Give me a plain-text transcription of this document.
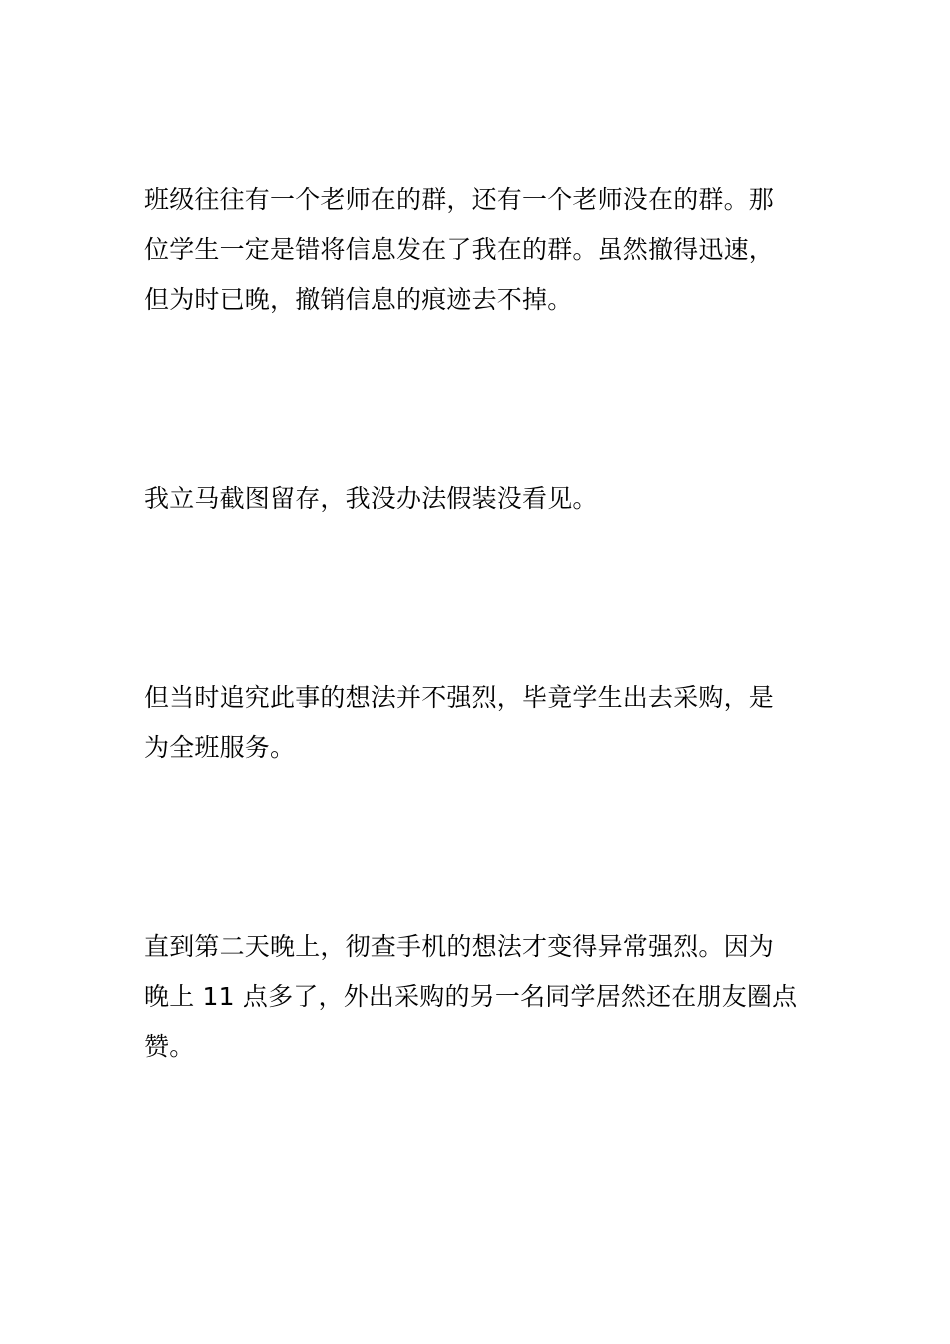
班级往往有一个老师在的群，还有一个老师没在的群。那
位学生一定是错将信息发在了我在的群。虽然撤得迅速，
但为时已晚，撤销信息的痕迹去不掉。
我立马截图留存，我没办法假装没看见。
但当时追究此事的想法并不强烈，毕竟学生出去采购，是
为全班服务。
直到第二天晚上，彻查手机的想法才变得异常强烈。因为
晚上 11 点多了，外出采购的另一名同学居然还在朋友圈点
赞。
